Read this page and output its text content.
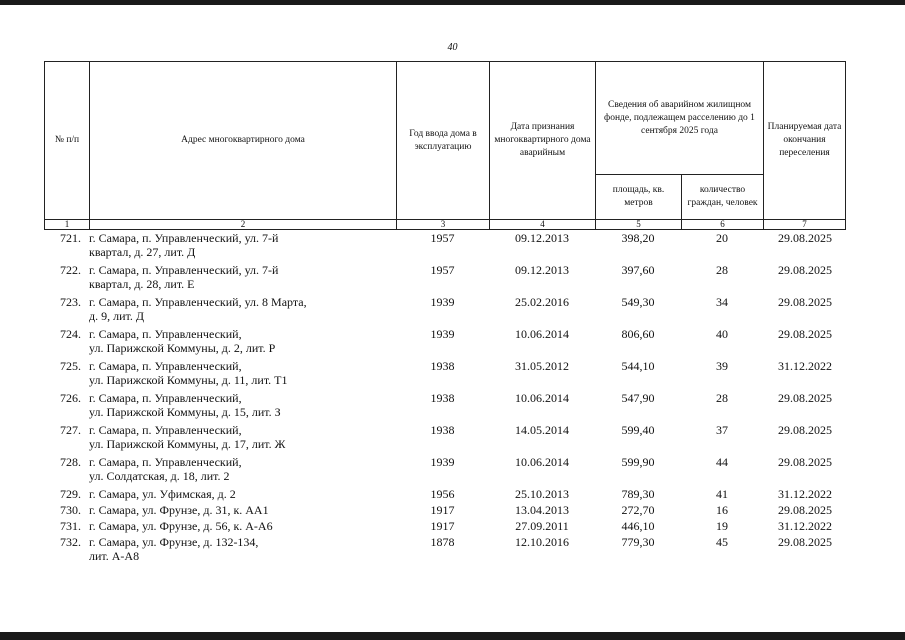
40
№ п/п	Адрес многоквартирного дома	Год ввода дома в эксплуатацию	Дата признания многоквартирного дома аварийным	Сведения об аварийном жилищном фонде, подлежащем расселению до 1 сентября 2025 года		Планируемая дата окончания переселения
				площадь, кв. метров	количество граждан, человек	
1	2	3	4	5	6	7
721.	г. Самара, п. Управленческий, ул. 7-й
квартал, д. 27, лит. Д	1957	09.12.2013	398,20	20	29.08.2025
722.	г. Самара, п. Управленческий, ул. 7-й
квартал, д. 28, лит. Е	1957	09.12.2013	397,60	28	29.08.2025
723.	г. Самара, п. Управленческий, ул. 8 Марта,
д. 9, лит. Д	1939	25.02.2016	549,30	34	29.08.2025
724.	г. Самара, п. Управленческий,
ул. Парижской Коммуны, д. 2, лит. Р	1939	10.06.2014	806,60	40	29.08.2025
725.	г. Самара, п. Управленческий,
ул. Парижской Коммуны, д. 11, лит. Т1	1938	31.05.2012	544,10	39	31.12.2022
726.	г. Самара, п. Управленческий,
ул. Парижской Коммуны, д. 15, лит. З	1938	10.06.2014	547,90	28	29.08.2025
727.	г. Самара, п. Управленческий,
ул. Парижской Коммуны, д. 17, лит. Ж	1938	14.05.2014	599,40	37	29.08.2025
728.	г. Самара, п. Управленческий,
ул. Солдатская, д. 18, лит. 2	1939	10.06.2014	599,90	44	29.08.2025
729.	г. Самара, ул. Уфимская, д. 2	1956	25.10.2013	789,30	41	31.12.2022
730.	г. Самара, ул. Фрунзе, д. 31, к. АА1	1917	13.04.2013	272,70	16	29.08.2025
731.	г. Самара, ул. Фрунзе, д. 56, к. А-А6	1917	27.09.2011	446,10	19	31.12.2022
732.	г. Самара, ул. Фрунзе, д. 132-134,
лит. А-А8	1878	12.10.2016	779,30	45	29.08.2025
